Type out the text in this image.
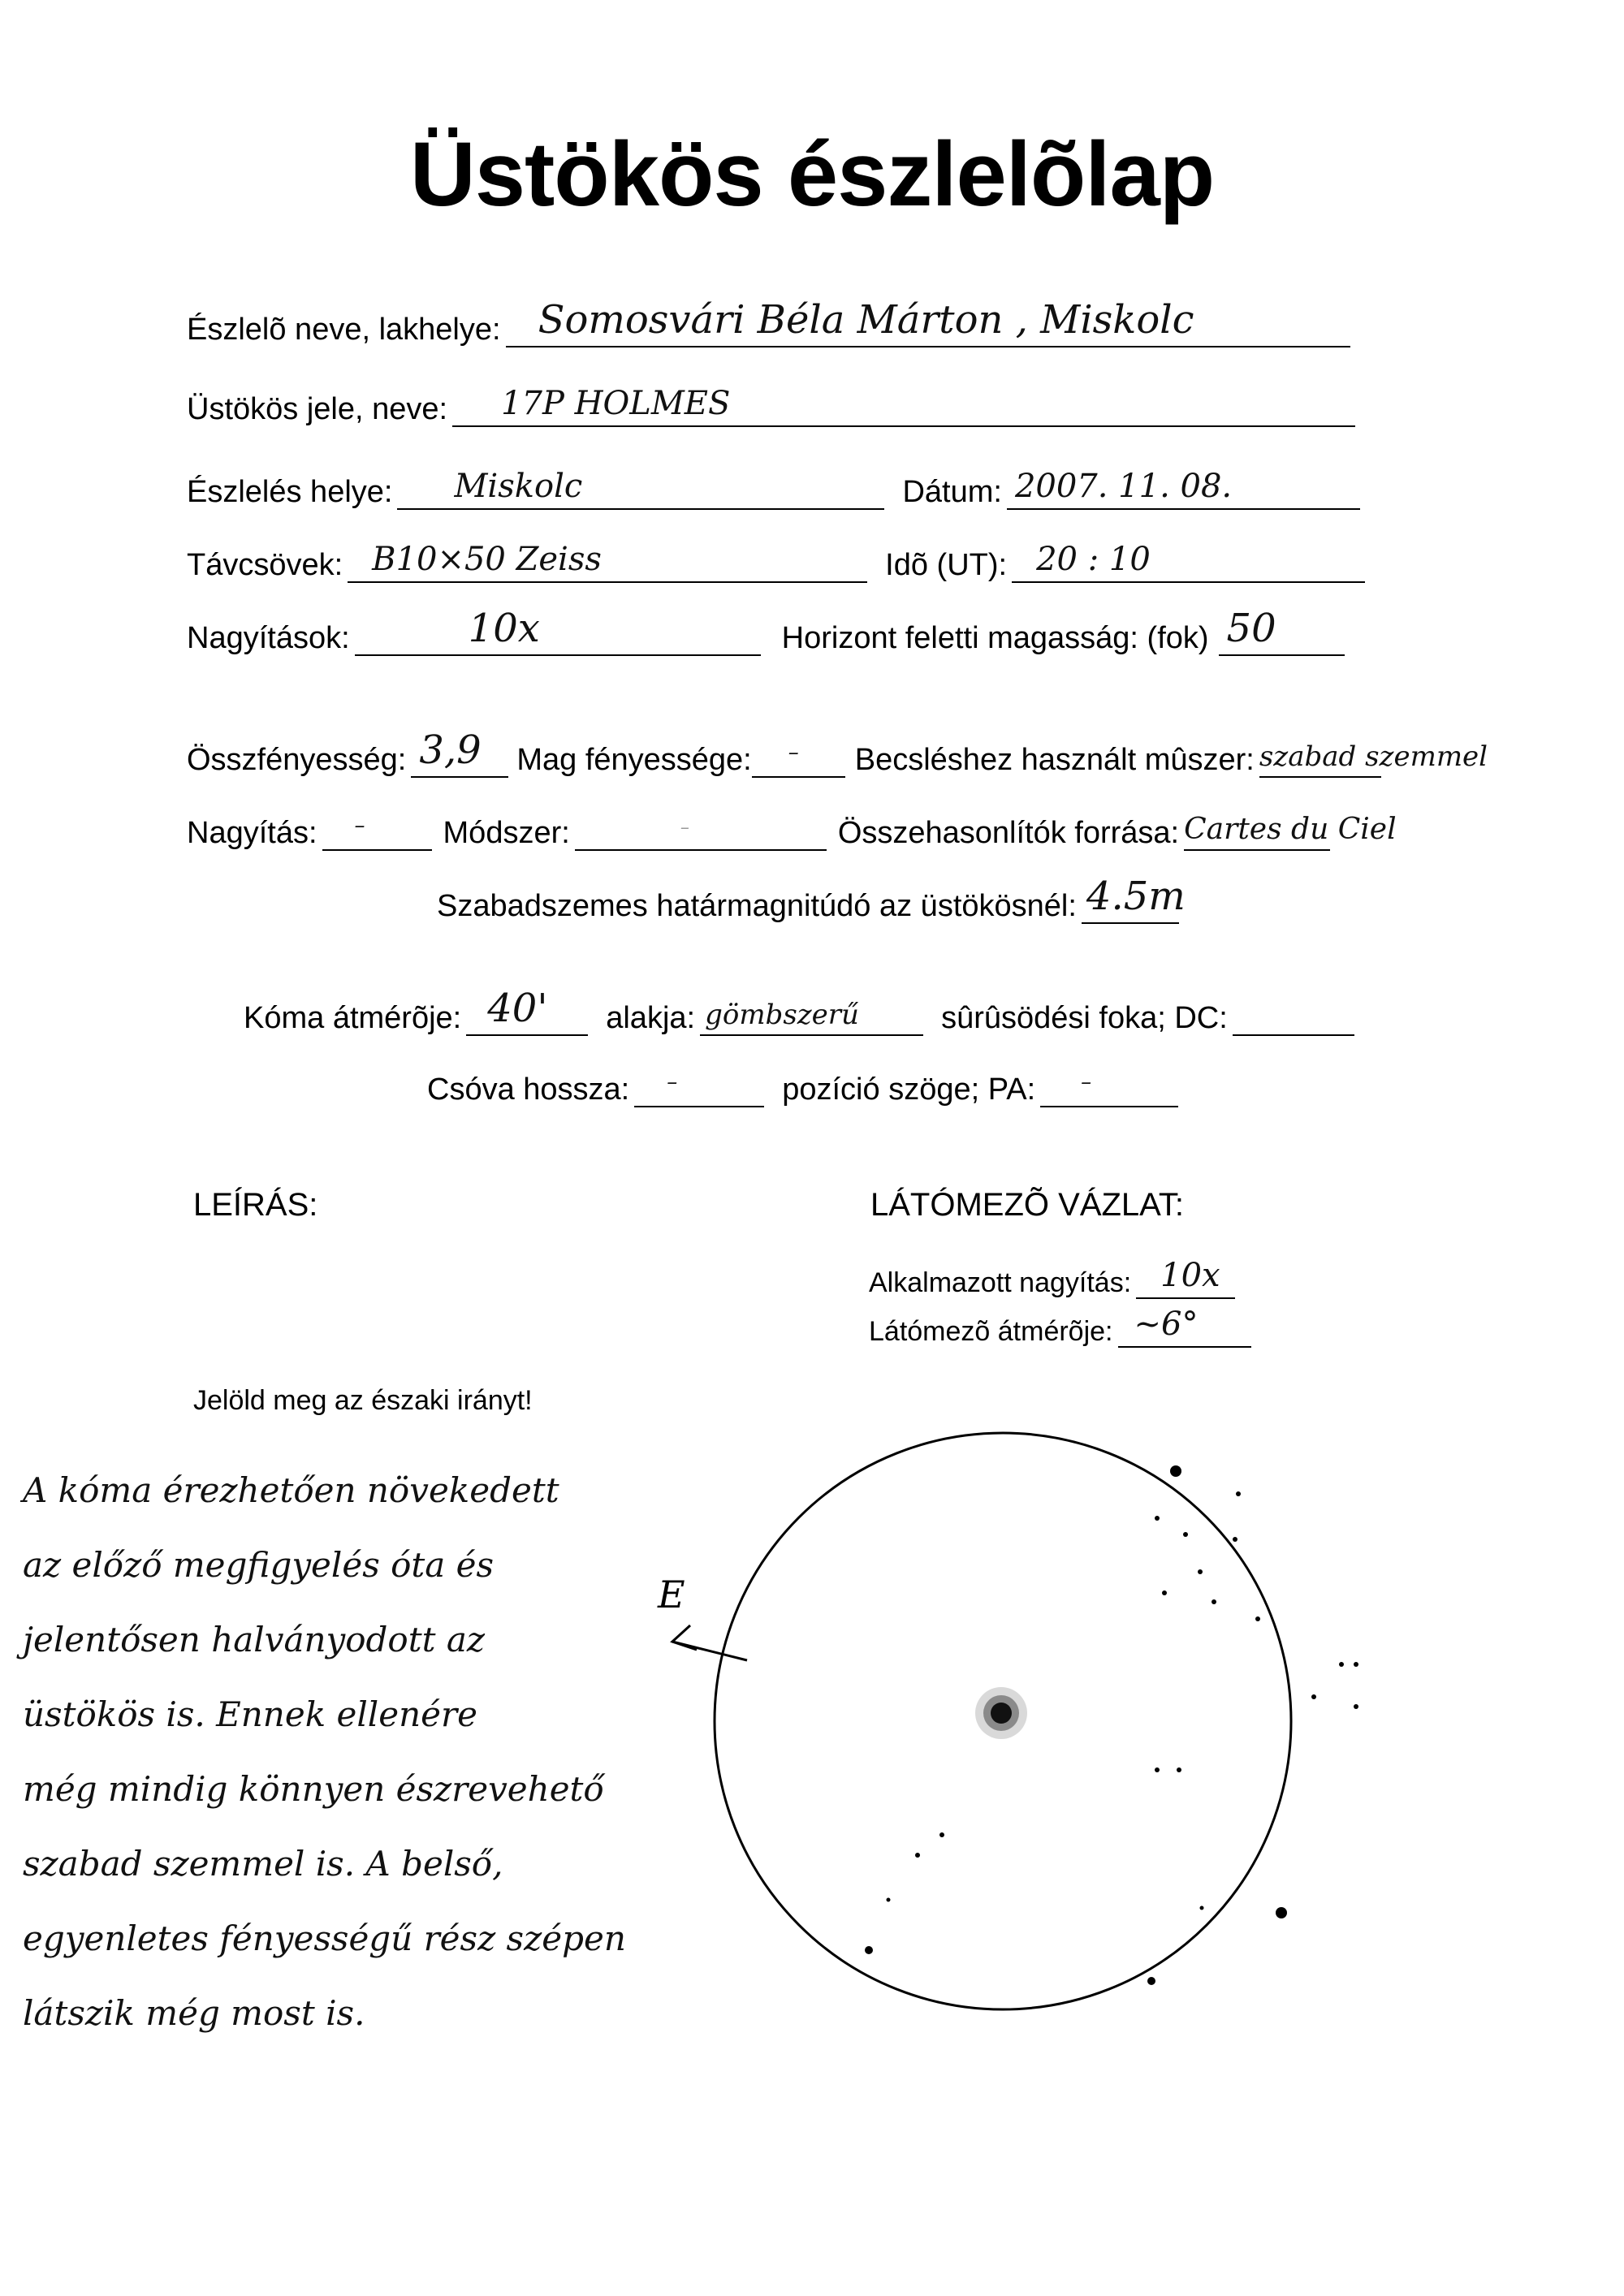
Üstökös észlelõlap
Észlelõ neve, lakhelye: Somosvári Béla Márton , Miskolc
Üstökös jele, neve: 17P HOLMES
Észlelés helye: Miskolc	Dátum: 2007. 11. 08.
Távcsövek: B10×50 Zeiss	Idõ (UT): 20 : 10
Nagyítások:	10x	Horizont feletti magasság: (fok) 50
Összfényesség: 3,9 Mag fényessége: – Becsléshez használt mûszer: szabad szemmel
Nagyítás: –	Módszer:	–	Összehasonlítók forrása: Cartes du Ciel
Szabadszemes határmagnitúdó az üstökösnél: 4.5m
Kóma átmérõje: 40' alakja: gömbszerű	sûrûsödési foka; DC:
Csóva hossza: –	pozíció szöge; PA: –
LEÍRÁS:	LÁTÓMEZÕ VÁZLAT:
Alkalmazott nagyítás: 10x
Látómezõ átmérõje: ~6°
Jelöld meg az északi irányt!
A kóma érezhetően növekedett
az előző megfigyelés óta és
jelentősen halványodott az
üstökös is. Ennek ellenére
még mindig könnyen észrevehető
szabad szemmel is. A belső,
egyenletes fényességű rész szépen
látszik még most is.
E
